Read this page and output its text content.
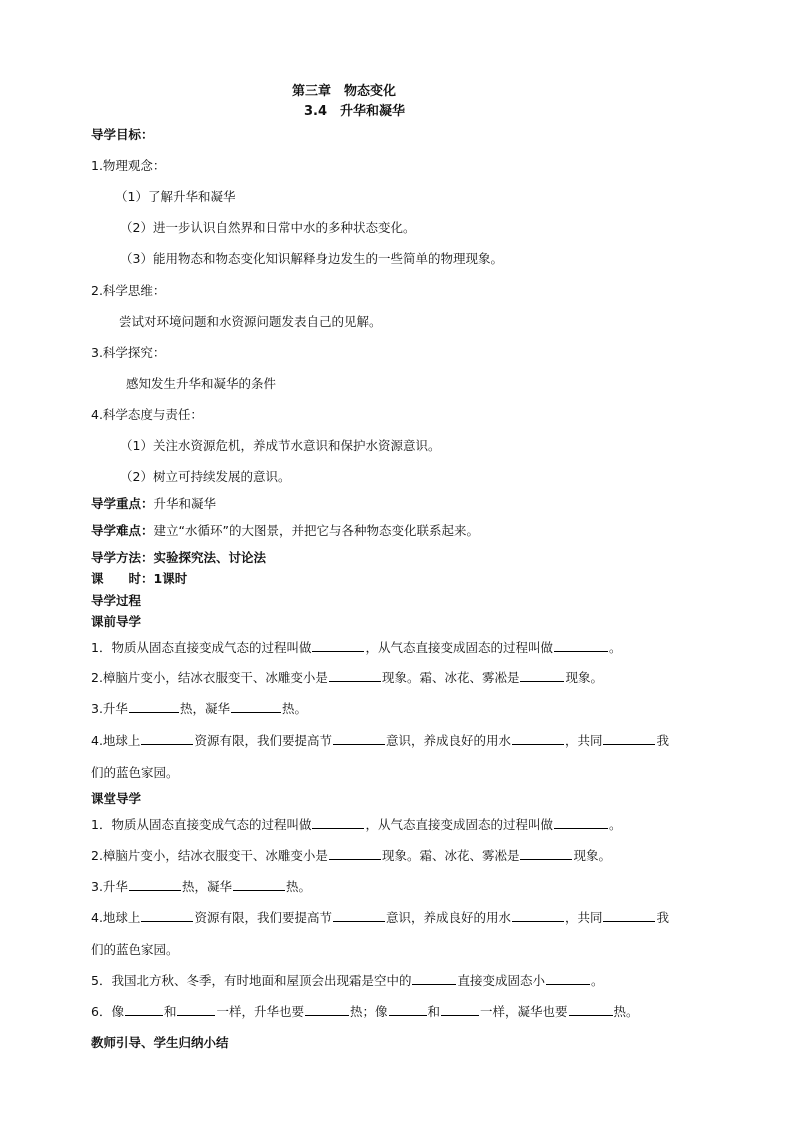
第三章　物态变化
3.4　升华和凝华
导学目标：
1.物理观念：
（1）了解升华和凝华
（2）进一步认识自然界和日常中水的多种状态变化。
（3）能用物态和物态变化知识解释身边发生的一些简单的物理现象。
2.科学思维：
尝试对环境问题和水资源问题发表自己的见解。
3.科学探究：
感知发生升华和凝华的条件
4.科学态度与责任：
（1）关注水资源危机，养成节水意识和保护水资源意识。
（2）树立可持续发展的意识。
导学重点：升华和凝华
导学难点：建立“水循环”的大图景，并把它与各种物态变化联系起来。
导学方法：实验探究法、讨论法
课　　时：1课时
导学过程
课前导学
1．物质从固态直接变成气态的过程叫做	，从气态直接变成固态的过程叫做	。
2.樟脑片变小，结冰衣服变干、冰雕变小是	现象。霜、冰花、雾凇是	现象。
3.升华	热，凝华	热。
4.地球上	资源有限，我们要提高节	意识，养成良好的用水	，共同	我
们的蓝色家园。
课堂导学
1．物质从固态直接变成气态的过程叫做	，从气态直接变成固态的过程叫做	。
2.樟脑片变小，结冰衣服变干、冰雕变小是	现象。霜、冰花、雾凇是	现象。
3.升华	热，凝华	热。
4.地球上	资源有限，我们要提高节	意识，养成良好的用水	，共同	我
们的蓝色家园。
5．我国北方秋、冬季，有时地面和屋顶会出现霜是空中的	直接变成固态小	。
6．像	和	一样，升华也要	热；像	和	一样，凝华也要	热。
教师引导、学生归纳小结
